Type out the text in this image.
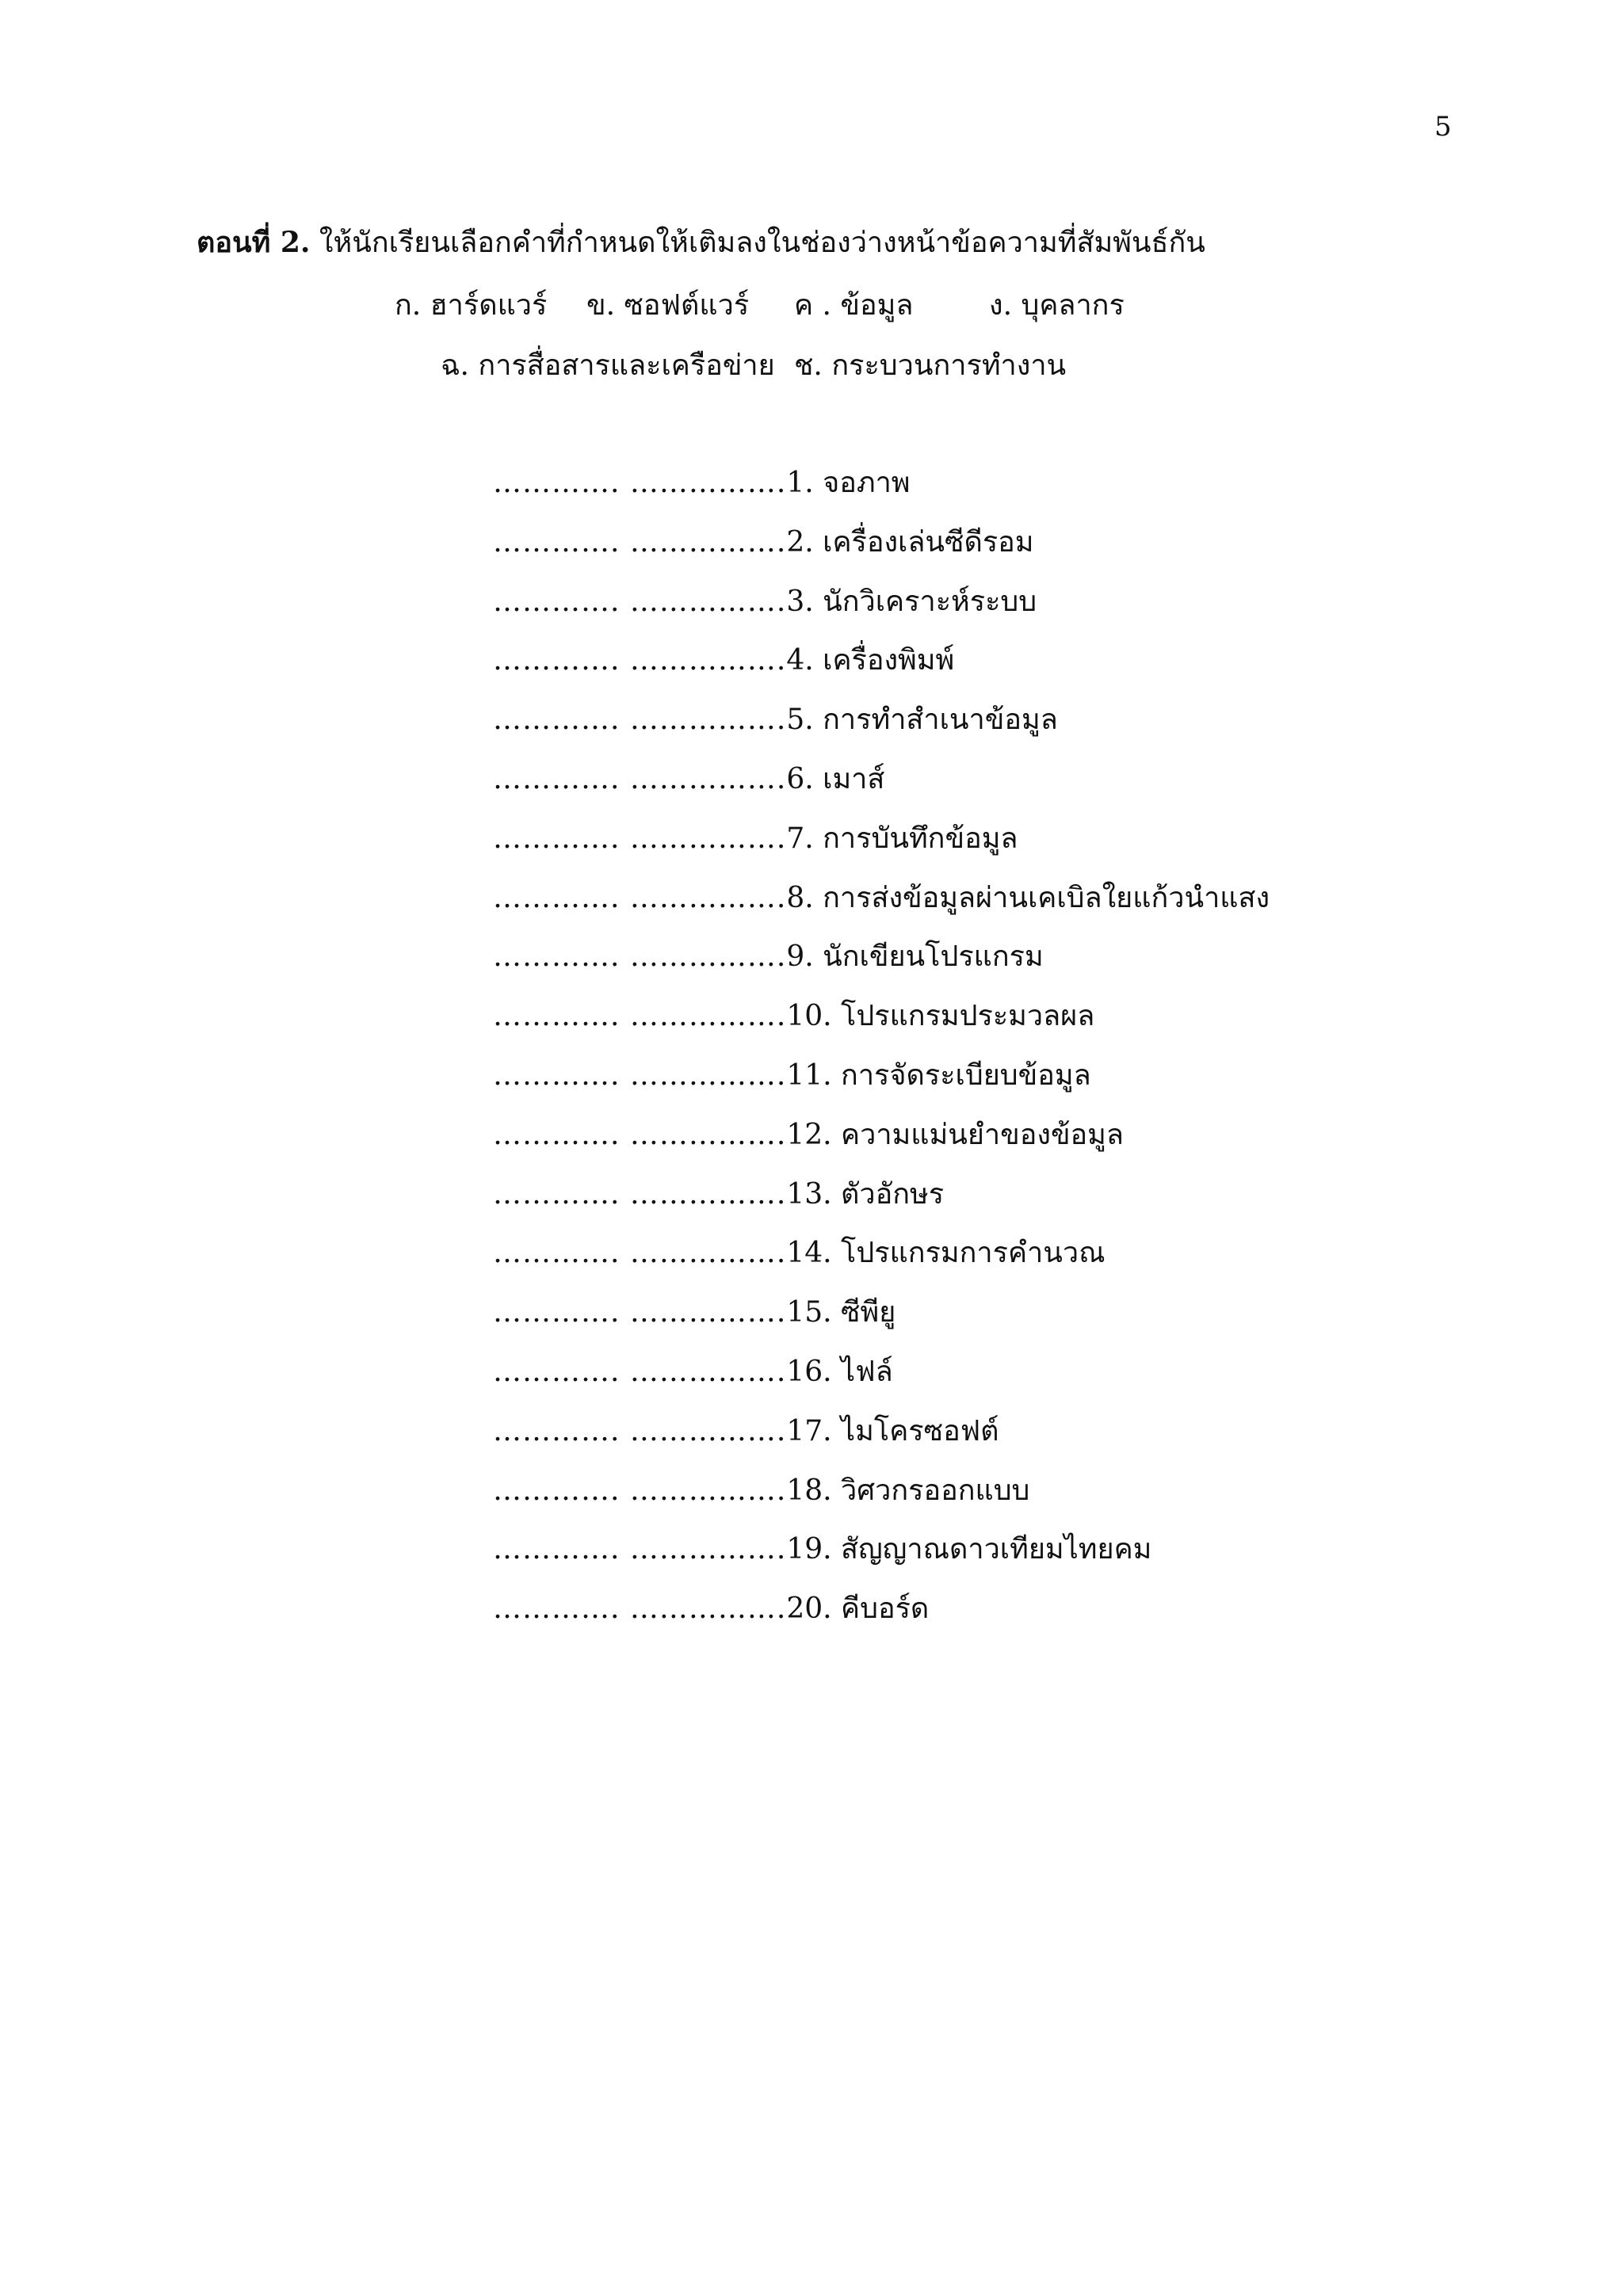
5
ตอนที่ 2. ให้นักเรียนเลือกคำที่กำหนดให้เติมลงในช่องว่างหน้าข้อความที่สัมพันธ์กัน
ก. ฮาร์ดแวร์ ข. ซอฟต์แวร์ ค . ข้อมูล	ง. บุคลากร
ฉ. การสื่อสารและเครือข่าย ช. กระบวนการทำงาน
…………. …………….1. จอภาพ
…………. …………….2. เครื่องเล่นซีดีรอม
…………. …………….3. นักวิเคราะห์ระบบ
…………. …………….4. เครื่องพิมพ์
…………. …………….5. การทำสำเนาข้อมูล
…………. …………….6. เมาส์
…………. …………….7. การบันทึกข้อมูล
…………. …………….8. การส่งข้อมูลผ่านเคเบิลใยแก้วนำแสง
…………. …………….9. นักเขียนโปรแกรม
…………. …………….10. โปรแกรมประมวลผล
…………. …………….11. การจัดระเบียบข้อมูล
…………. …………….12. ความแม่นยำของข้อมูล
…………. …………….13. ตัวอักษร
…………. …………….14. โปรแกรมการคำนวณ
…………. …………….15. ซีพียู
…………. …………….16. ไฟล์
…………. …………….17. ไมโครซอฟต์
…………. …………….18. วิศวกรออกแบบ
…………. …………….19. สัญญาณดาวเทียมไทยคม
…………. …………….20. คีบอร์ด
